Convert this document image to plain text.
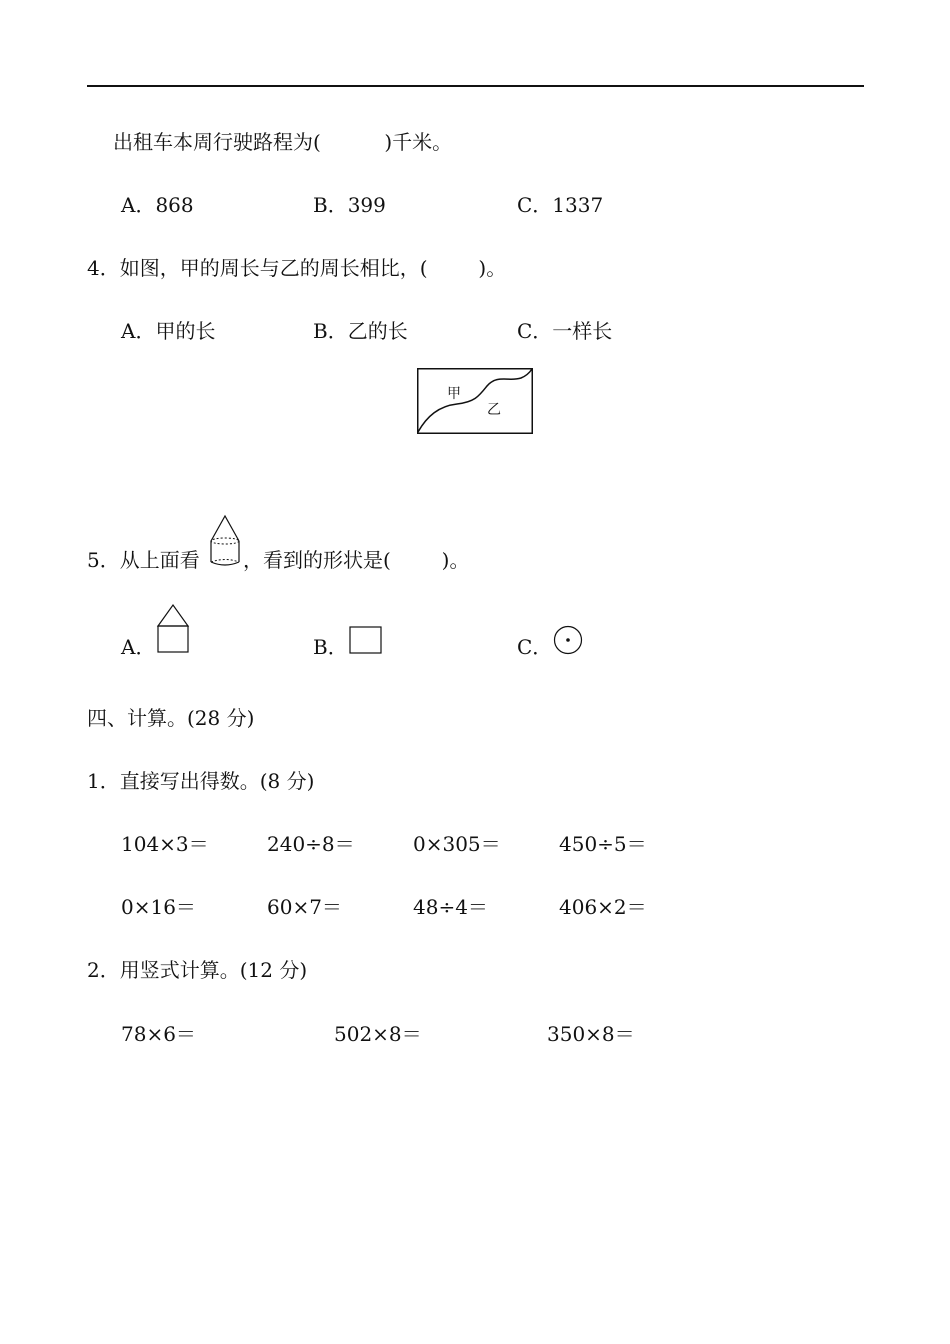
出租车本周行驶路程为(          )千米。
A．868	B．399	C．1337
4．如图，甲的周长与乙的周长相比，(        )。
A．甲的长	B．乙的长	C．一样长
甲
乙
5．从上面看 ，看到的形状是(        )。
A．	B．	C．
四、计算。(28 分)
1．直接写出得数。(8 分)
104×3＝	240÷8＝	0×305＝	450÷5＝
0×16＝	60×7＝	48÷4＝	406×2＝
2．用竖式计算。(12 分)
78×6＝	502×8＝	350×8＝
